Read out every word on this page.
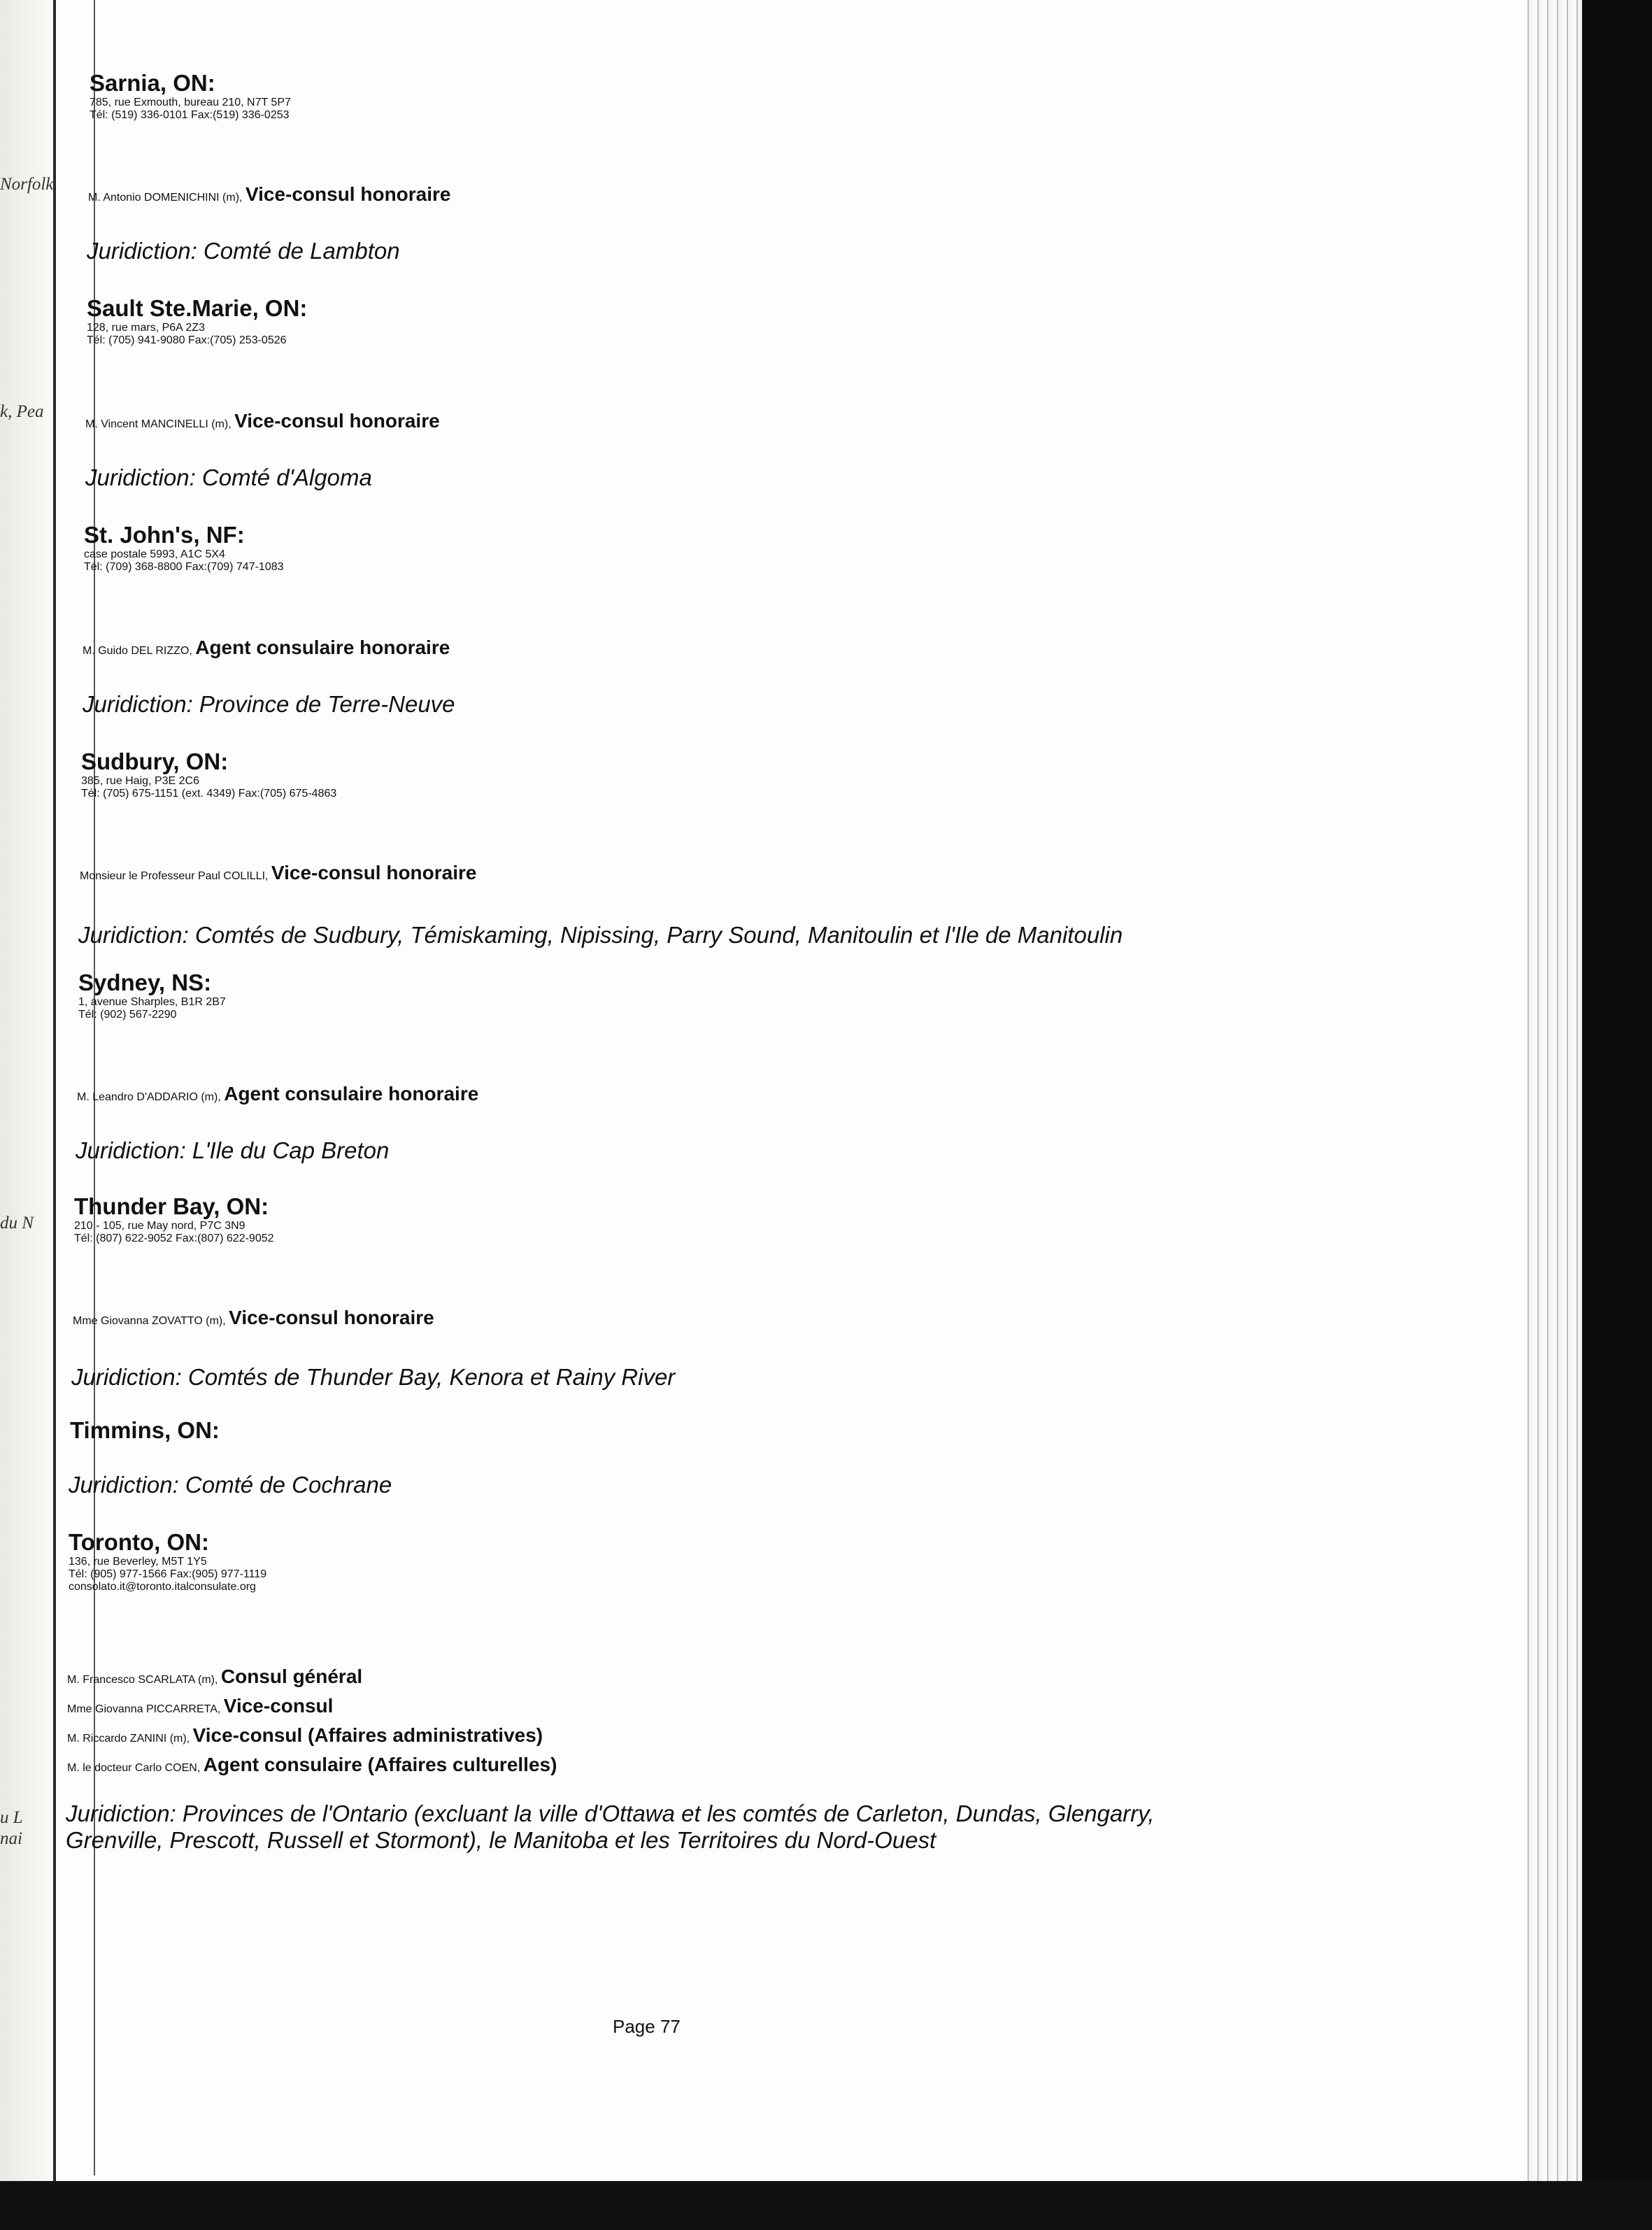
Norfolk
k, Pea
du N
u L
nai
Sarnia, ON:
785, rue Exmouth, bureau 210, N7T 5P7
Tél: (519) 336-0101 Fax:(519) 336-0253
M. Antonio DOMENICHINI (m), Vice-consul honoraire
Juridiction: Comté de Lambton
Sault Ste.Marie, ON:
128, rue mars, P6A 2Z3
Tél: (705) 941-9080 Fax:(705) 253-0526
M. Vincent MANCINELLI (m), Vice-consul honoraire
Juridiction: Comté d'Algoma
St. John's, NF:
case postale 5993, A1C 5X4
Tél: (709) 368-8800 Fax:(709) 747-1083
M. Guido DEL RIZZO, Agent consulaire honoraire
Juridiction: Province de Terre-Neuve
Sudbury, ON:
385, rue Haig, P3E 2C6
Tél: (705) 675-1151 (ext. 4349) Fax:(705) 675-4863
Monsieur le Professeur Paul COLILLI, Vice-consul honoraire
Juridiction: Comtés de Sudbury, Témiskaming, Nipissing, Parry Sound, Manitoulin et l'Ile de Manitoulin
Sydney, NS:
1, avenue Sharples, B1R 2B7
Tél: (902) 567-2290
M. Leandro D'ADDARIO (m), Agent consulaire honoraire
Juridiction: L'Ile du Cap Breton
Thunder Bay, ON:
210 - 105, rue May nord, P7C 3N9
Tél: (807) 622-9052 Fax:(807) 622-9052
Mme Giovanna ZOVATTO (m), Vice-consul honoraire
Juridiction: Comtés de Thunder Bay, Kenora et Rainy River
Timmins, ON:
Juridiction: Comté de Cochrane
Toronto, ON:
136, rue Beverley, M5T 1Y5
Tél: (905) 977-1566 Fax:(905) 977-1119
consolato.it@toronto.italconsulate.org
M. Francesco SCARLATA (m), Consul général
Mme Giovanna PICCARRETA, Vice-consul
M. Riccardo ZANINI (m), Vice-consul (Affaires administratives)
M. le docteur Carlo COEN, Agent consulaire (Affaires culturelles)
Juridiction: Provinces de l'Ontario (excluant la ville d'Ottawa et les comtés de Carleton, Dundas, Glengarry,
Grenville, Prescott, Russell et Stormont), le Manitoba et les Territoires du Nord-Ouest
Page 77
